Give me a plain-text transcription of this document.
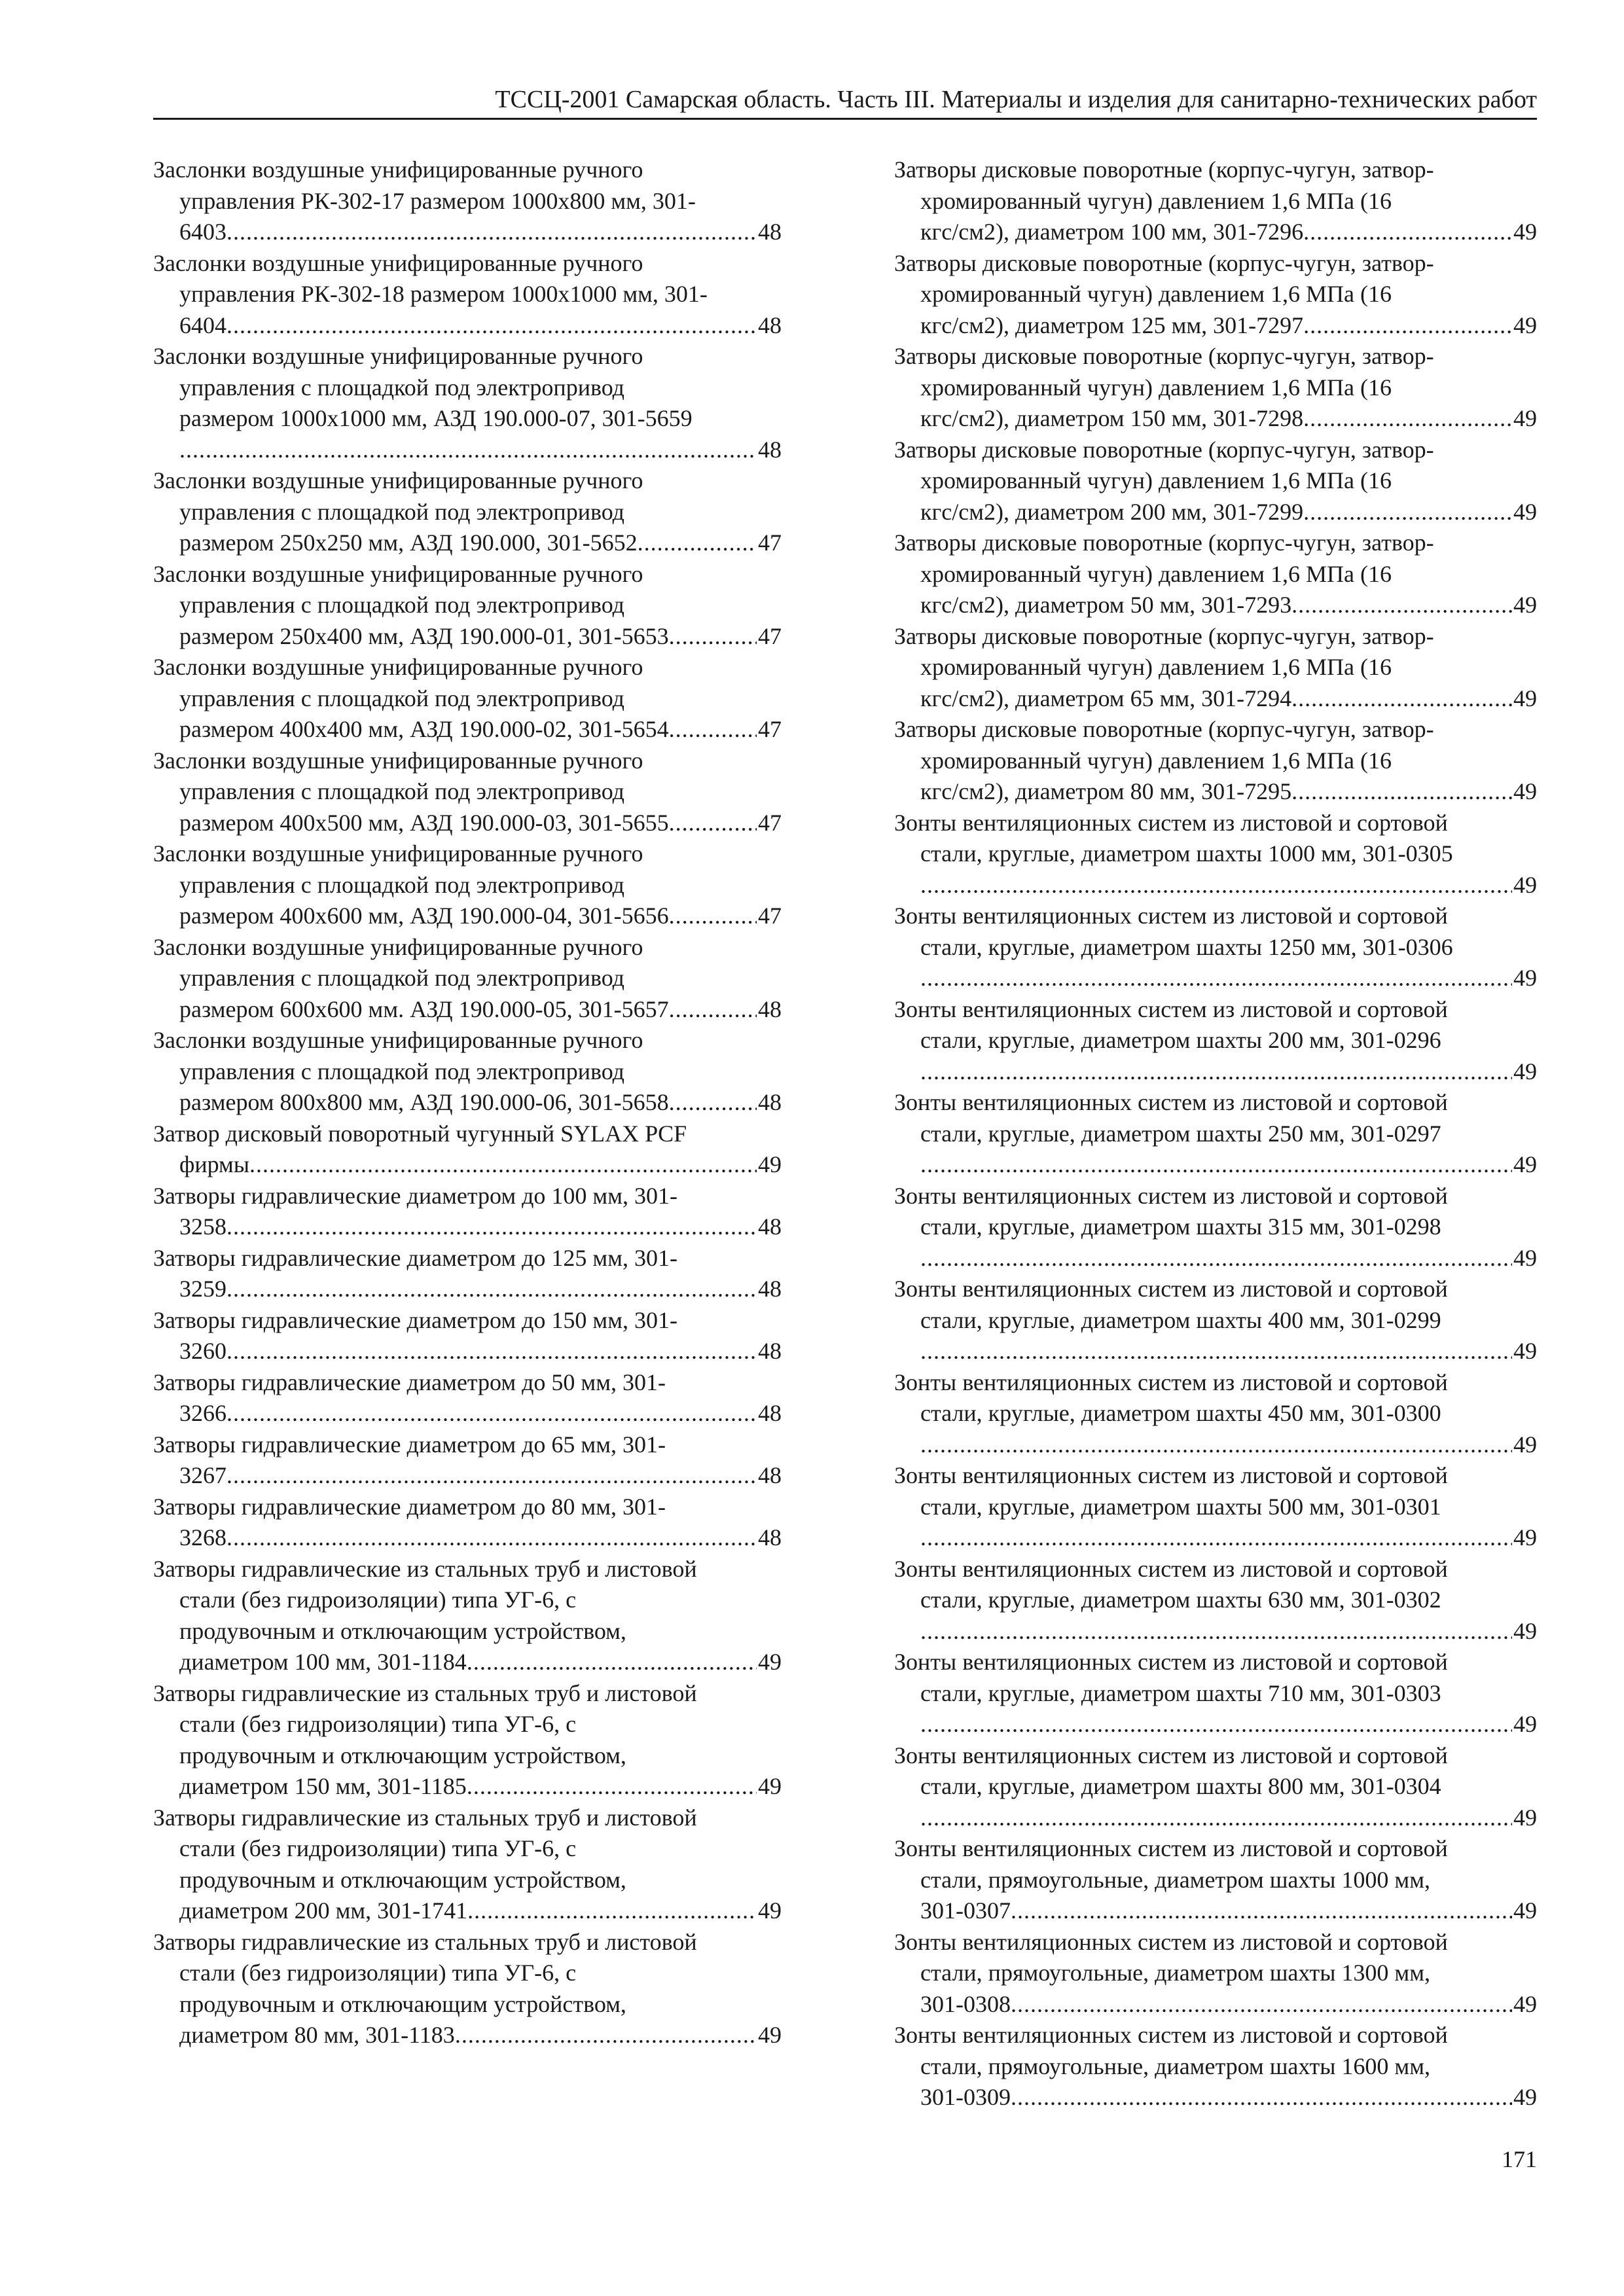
ТССЦ-2001 Самарская область. Часть III. Материалы и изделия для санитарно-технических работ
Заслонки воздушные унифицированные ручного
управления РК-302-17 размером 1000х800 мм, 301-
6403 .....	48
Заслонки воздушные унифицированные ручного
управления РК-302-18 размером 1000х1000 мм, 301-
6404 .....	48
Заслонки воздушные унифицированные ручного
управления с площадкой под электропривод
размером 1000х1000 мм, АЗД 190.000-07, 301-5659
.....
48
Заслонки воздушные унифицированные ручного
управления с площадкой под электропривод
размером 250х250 мм, АЗД 190.000, 301-5652 .....	47
Заслонки воздушные унифицированные ручного
управления с площадкой под электропривод
размером 250х400 мм, АЗД 190.000-01, 301-5653 .....	47
Заслонки воздушные унифицированные ручного
управления с площадкой под электропривод
размером 400х400 мм, АЗД 190.000-02, 301-5654 .....	47
Заслонки воздушные унифицированные ручного
управления с площадкой под электропривод
размером 400х500 мм, АЗД 190.000-03, 301-5655 .....	47
Заслонки воздушные унифицированные ручного
управления с площадкой под электропривод
размером 400х600 мм, АЗД 190.000-04, 301-5656 .....	47
Заслонки воздушные унифицированные ручного
управления с площадкой под электропривод
размером 600х600 мм. АЗД 190.000-05, 301-5657 .....	48
Заслонки воздушные унифицированные ручного
управления с площадкой под электропривод
размером 800х800 мм, АЗД 190.000-06, 301-5658 .....	48
Затвор дисковый поворотный чугунный SYLAX PCF
фирмы .....	49
Затворы гидравлические диаметром до 100 мм, 301-
3258 .....	48
Затворы гидравлические диаметром до 125 мм, 301-
3259 .....	48
Затворы гидравлические диаметром до 150 мм, 301-
3260 .....	48
Затворы гидравлические диаметром до 50 мм, 301-
3266 .....	48
Затворы гидравлические диаметром до 65 мм, 301-
3267 .....	48
Затворы гидравлические диаметром до 80 мм, 301-
3268 .....	48
Затворы гидравлические из стальных труб и листовой
стали (без гидроизоляции) типа УГ-6, с
продувочным и отключающим устройством,
диаметром 100 мм, 301-1184 .....	49
Затворы гидравлические из стальных труб и листовой
стали (без гидроизоляции) типа УГ-6, с
продувочным и отключающим устройством,
диаметром 150 мм, 301-1185 .....	49
Затворы гидравлические из стальных труб и листовой
стали (без гидроизоляции) типа УГ-6, с
продувочным и отключающим устройством,
диаметром 200 мм, 301-1741 .....	49
Затворы гидравлические из стальных труб и листовой
стали (без гидроизоляции) типа УГ-6, с
продувочным и отключающим устройством,
диаметром 80 мм, 301-1183 .....	49
Затворы дисковые поворотные (корпус-чугун, затвор-
хромированный чугун) давлением 1,6 МПа (16
кгс/см2), диаметром 100 мм, 301-7296 .....	49
Затворы дисковые поворотные (корпус-чугун, затвор-
хромированный чугун) давлением 1,6 МПа (16
кгс/см2), диаметром 125 мм, 301-7297 .....	49
Затворы дисковые поворотные (корпус-чугун, затвор-
хромированный чугун) давлением 1,6 МПа (16
кгс/см2), диаметром 150 мм, 301-7298 .....	49
Затворы дисковые поворотные (корпус-чугун, затвор-
хромированный чугун) давлением 1,6 МПа (16
кгс/см2), диаметром 200 мм, 301-7299 .....	49
Затворы дисковые поворотные (корпус-чугун, затвор-
хромированный чугун) давлением 1,6 МПа (16
кгс/см2), диаметром 50 мм, 301-7293 .....	49
Затворы дисковые поворотные (корпус-чугун, затвор-
хромированный чугун) давлением 1,6 МПа (16
кгс/см2), диаметром 65 мм, 301-7294 .....	49
Затворы дисковые поворотные (корпус-чугун, затвор-
хромированный чугун) давлением 1,6 МПа (16
кгс/см2), диаметром 80 мм, 301-7295 .....	49
Зонты вентиляционных систем из листовой и сортовой
стали, круглые, диаметром шахты 1000 мм, 301-0305
.....
49
Зонты вентиляционных систем из листовой и сортовой
стали, круглые, диаметром шахты 1250 мм, 301-0306
.....
49
Зонты вентиляционных систем из листовой и сортовой
стали, круглые, диаметром шахты 200 мм, 301-0296
.....
49
Зонты вентиляционных систем из листовой и сортовой
стали, круглые, диаметром шахты 250 мм, 301-0297
.....
49
Зонты вентиляционных систем из листовой и сортовой
стали, круглые, диаметром шахты 315 мм, 301-0298
.....
49
Зонты вентиляционных систем из листовой и сортовой
стали, круглые, диаметром шахты 400 мм, 301-0299
.....
49
Зонты вентиляционных систем из листовой и сортовой
стали, круглые, диаметром шахты 450 мм, 301-0300
.....
49
Зонты вентиляционных систем из листовой и сортовой
стали, круглые, диаметром шахты 500 мм, 301-0301
.....
49
Зонты вентиляционных систем из листовой и сортовой
стали, круглые, диаметром шахты 630 мм, 301-0302
.....
49
Зонты вентиляционных систем из листовой и сортовой
стали, круглые, диаметром шахты 710 мм, 301-0303
.....
49
Зонты вентиляционных систем из листовой и сортовой
стали, круглые, диаметром шахты 800 мм, 301-0304
.....
49
Зонты вентиляционных систем из листовой и сортовой
стали, прямоугольные, диаметром шахты 1000 мм,
301-0307 .....	49
Зонты вентиляционных систем из листовой и сортовой
стали, прямоугольные, диаметром шахты 1300 мм,
301-0308 .....	49
Зонты вентиляционных систем из листовой и сортовой
стали, прямоугольные, диаметром шахты 1600 мм,
301-0309 .....	49
171
